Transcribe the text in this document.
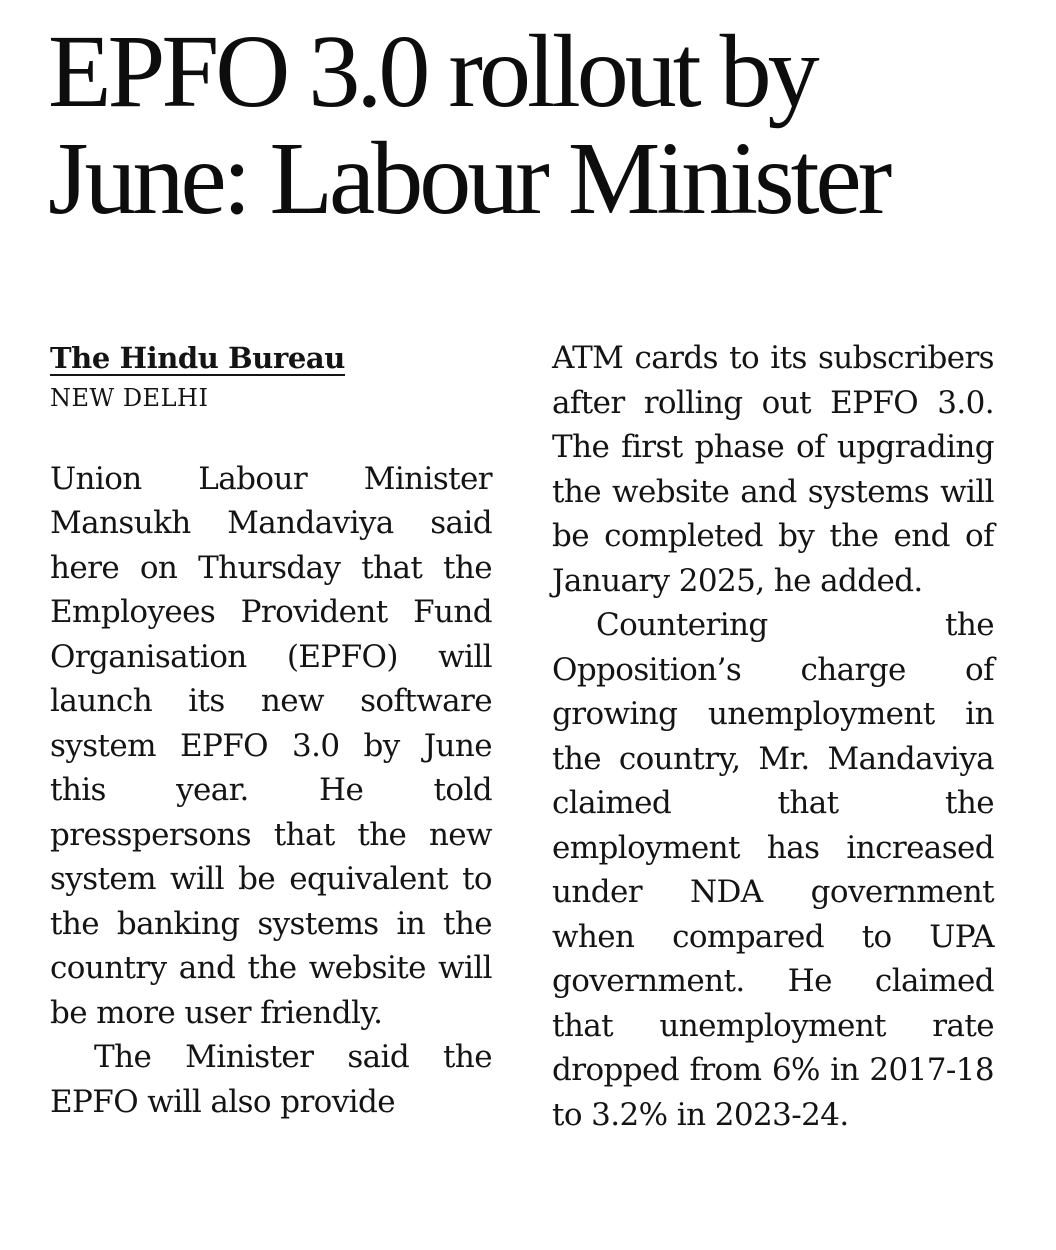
EPFO 3.0 rollout by
June: Labour Minister
The Hindu Bureau
NEW DELHI

Union Labour Minister Mansukh Mandaviya said here on Thursday that the Employees Provident Fund Organisation (EPFO) will launch its new software system EPFO 3.0 by June this year. He told presspersons that the new system will be equivalent to the banking systems in the country and the website will be more user friendly.

The Minister said the EPFO will also provide

ATM cards to its subscribers after rolling out EPFO 3.0. The first phase of upgrading the website and systems will be completed by the end of January 2025, he added.

Countering the Opposition’s charge of growing unemployment in the country, Mr. Mandaviya claimed that the employment has increased under NDA government when compared to UPA government. He claimed that unemployment rate dropped from 6% in 2017-18 to 3.2% in 2023-24.
